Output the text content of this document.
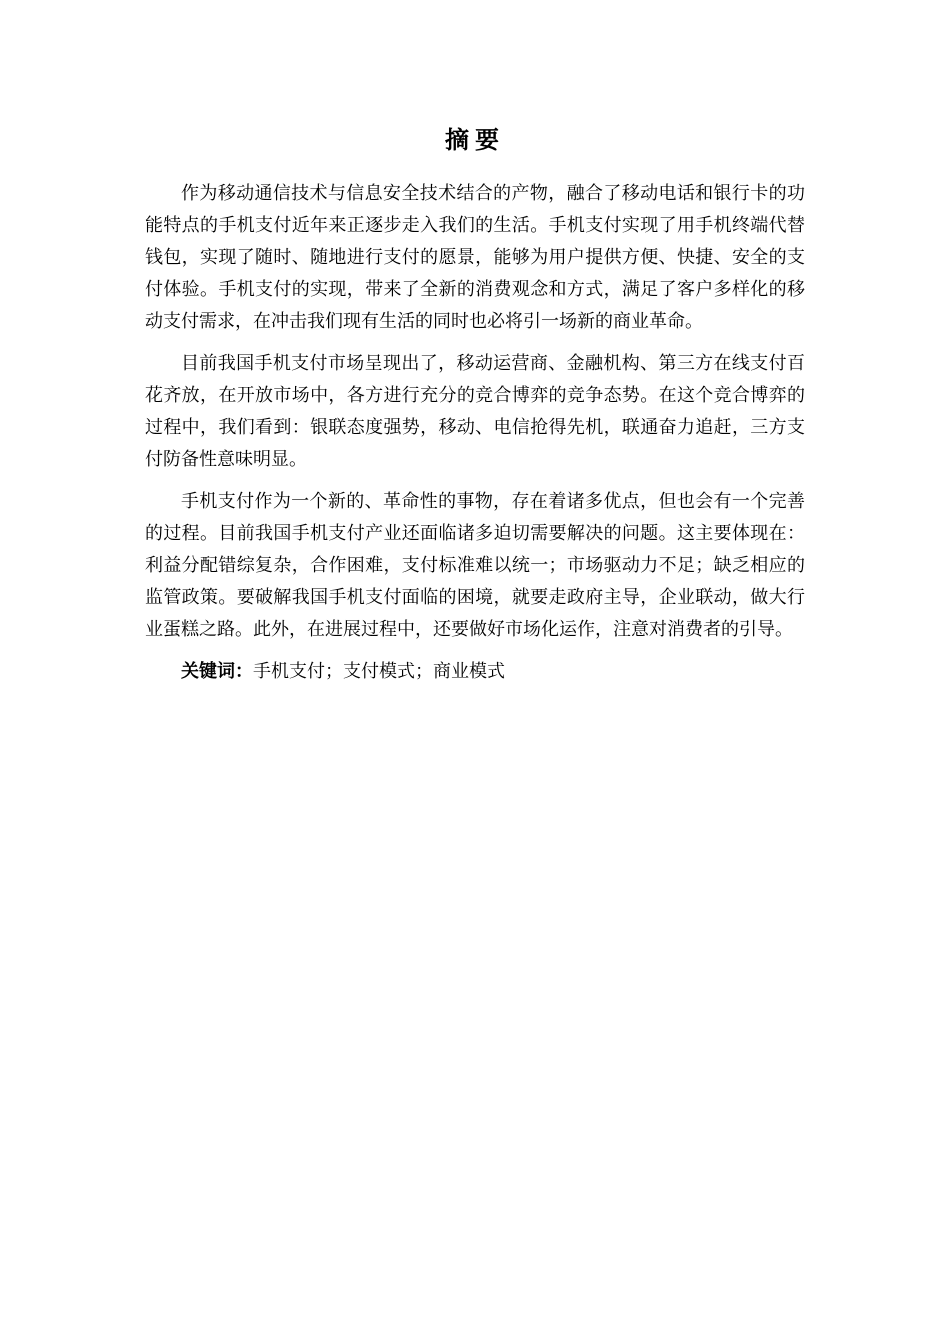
摘要

作为移动通信技术与信息安全技术结合的产物，融合了移动电话和银行卡的功能特点的手机支付近年来正逐步走入我们的生活。手机支付实现了用手机终端代替钱包，实现了随时、随地进行支付的愿景，能够为用户提供方便、快捷、安全的支付体验。手机支付的实现，带来了全新的消费观念和方式，满足了客户多样化的移动支付需求，在冲击我们现有生活的同时也必将引一场新的商业革命。

目前我国手机支付市场呈现出了，移动运营商、金融机构、第三方在线支付百花齐放，在开放市场中，各方进行充分的竞合博弈的竞争态势。在这个竞合博弈的过程中，我们看到：银联态度强势，移动、电信抢得先机，联通奋力追赶，三方支付防备性意味明显。

手机支付作为一个新的、革命性的事物，存在着诸多优点，但也会有一个完善的过程。目前我国手机支付产业还面临诸多迫切需要解决的问题。这主要体现在：利益分配错综复杂，合作困难，支付标准难以统一；市场驱动力不足；缺乏相应的监管政策。要破解我国手机支付面临的困境，就要走政府主导，企业联动，做大行业蛋糕之路。此外，在进展过程中，还要做好市场化运作，注意对消费者的引导。

关键词：手机支付；支付模式；商业模式
